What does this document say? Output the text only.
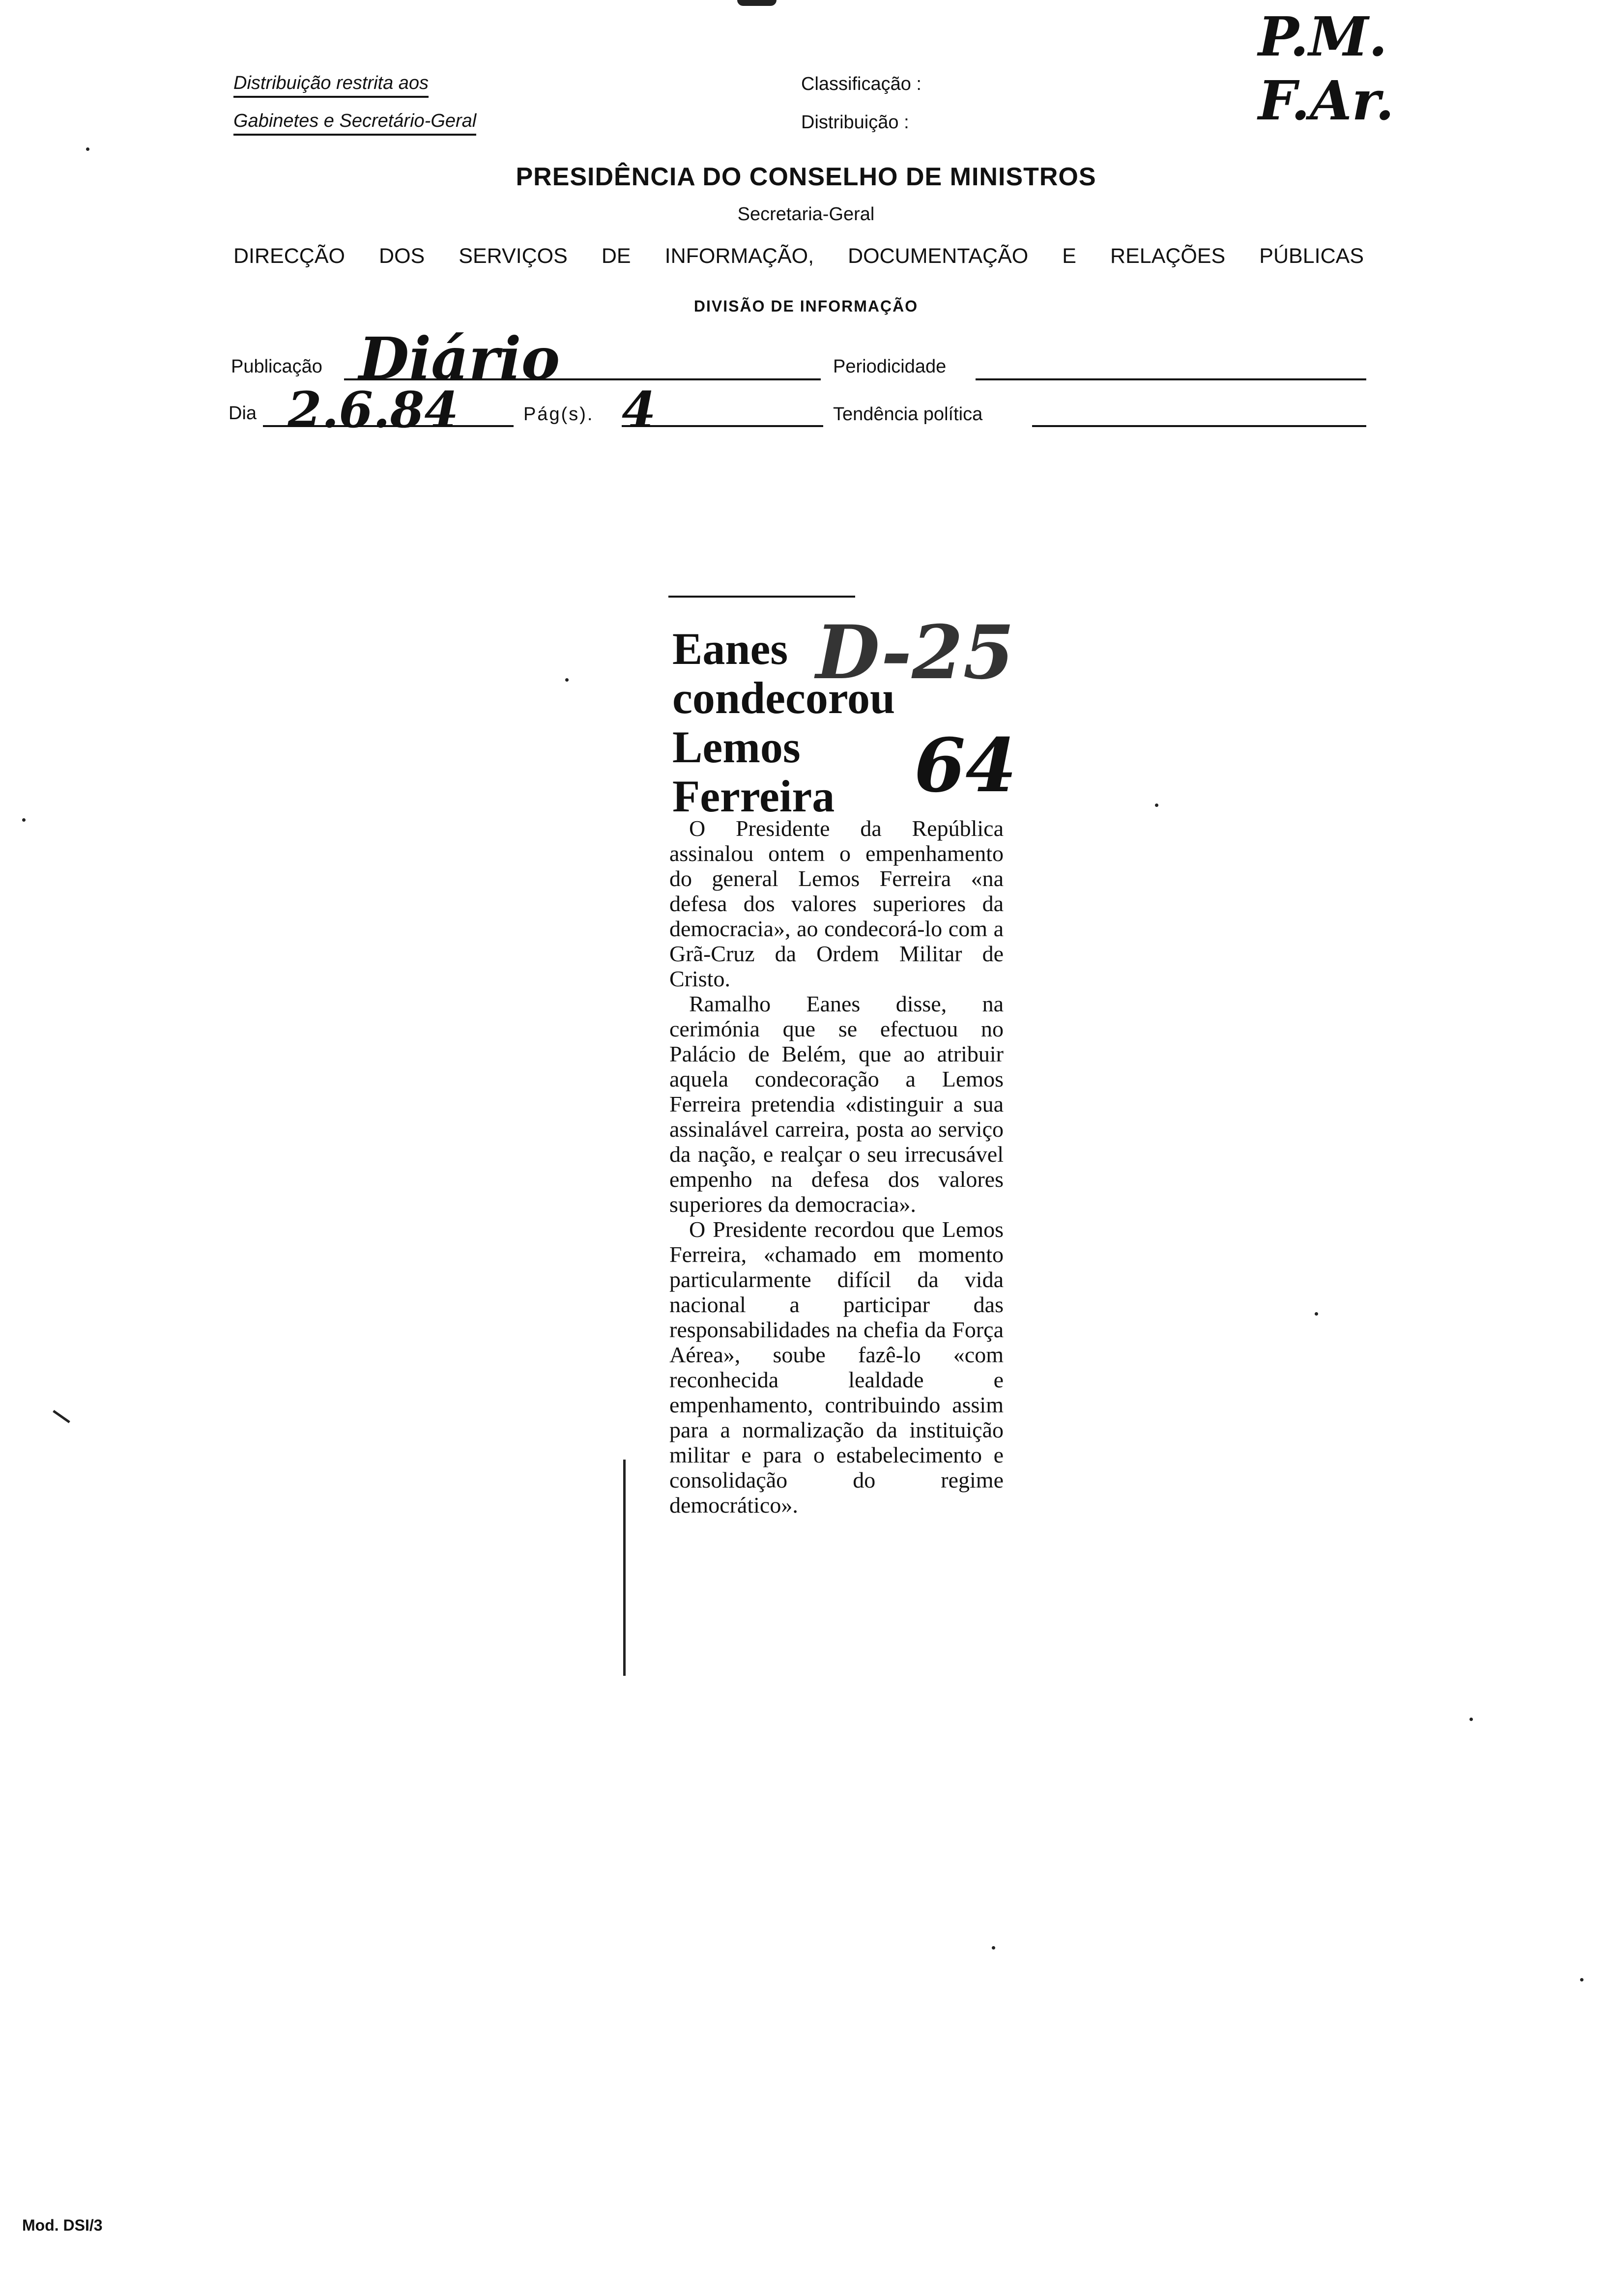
Distribuição restrita aos
Gabinetes e Secretário-Geral
Classificação :
Distribuição :
P.M. F.Ar.
PRESIDÊNCIA DO CONSELHO DE MINISTROS
Secretaria-Geral
DIRECÇÃO DOS SERVIÇOS DE INFORMAÇÃO, DOCUMENTAÇÃO E RELAÇÕES PÚBLICAS
DIVISÃO DE INFORMAÇÃO
Publicação Diário	Periodicidade
Dia 2.6.84	Pág(s). 4	Tendência política
Eanes
condecorou
Lemos
Ferreira
D-25
64

O Presidente da República assinalou ontem o empenhamento do general Lemos Ferreira «na defesa dos valores superiores da democracia», ao condecorá-lo com a Grã-Cruz da Ordem Militar de Cristo.

Ramalho Eanes disse, na cerimónia que se efectuou no Palácio de Belém, que ao atribuir aquela condecoração a Lemos Ferreira pretendia «distinguir a sua assinalável carreira, posta ao serviço da nação, e realçar o seu irrecusável empenho na defesa dos valores superiores da democracia».

O Presidente recordou que Lemos Ferreira, «chamado em momento particularmente difícil da vida nacional a participar das responsabilidades na chefia da Força Aérea», soube fazê-lo «com reconhecida lealdade e empenhamento, contribuindo assim para a normalização da instituição militar e para o estabelecimento e consolidação do regime democrático».

Mod. DSI/3
